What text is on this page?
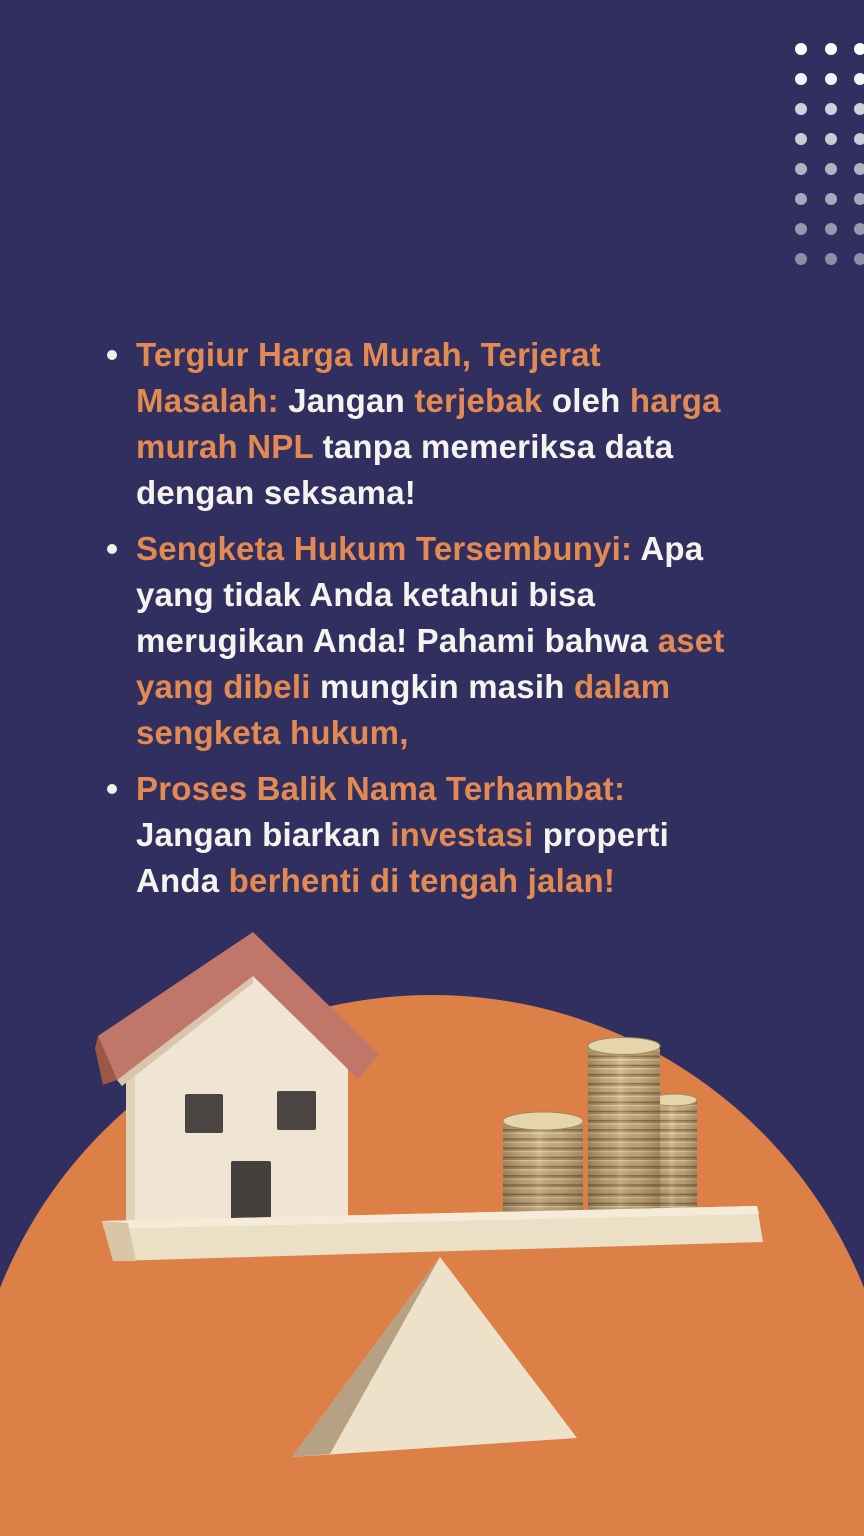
Tergiur Harga Murah, Terjerat
Masalah: Jangan terjebak oleh harga
murah NPL tanpa memeriksa data
dengan seksama!
Sengketa Hukum Tersembunyi: Apa
yang tidak Anda ketahui bisa
merugikan Anda! Pahami bahwa aset
yang dibeli mungkin masih dalam
sengketa hukum,
Proses Balik Nama Terhambat:
Jangan biarkan investasi properti
Anda berhenti di tengah jalan!
